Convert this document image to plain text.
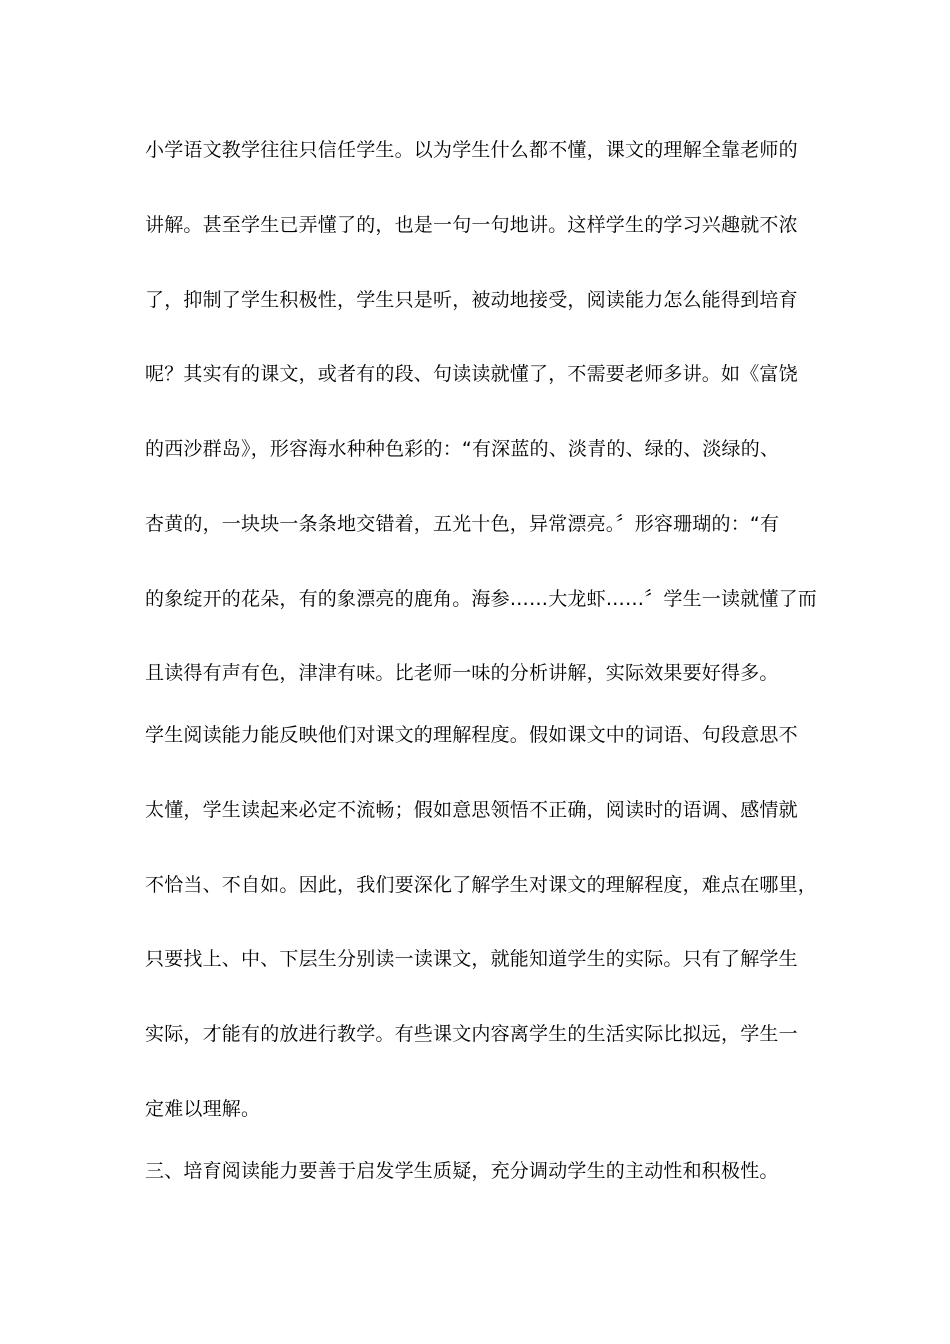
小学语文教学往往只信任学生。以为学生什么都不懂，课文的理解全靠老师的
讲解。甚至学生已弄懂了的，也是一句一句地讲。这样学生的学习兴趣就不浓
了，抑制了学生积极性，学生只是听，被动地接受，阅读能力怎么能得到培育
呢？其实有的课文，或者有的段、句读读就懂了，不需要老师多讲。如《富饶
的西沙群岛》，形容海水种种色彩的：“有深蓝的、淡青的、绿的、淡绿的、
杏黄的，一块块一条条地交错着，五光十色，异常漂亮。〞形容珊瑚的：“有
的象绽开的花朵，有的象漂亮的鹿角。海参……大龙虾……〞学生一读就懂了而
且读得有声有色，津津有味。比老师一味的分析讲解，实际效果要好得多。
学生阅读能力能反映他们对课文的理解程度。假如课文中的词语、句段意思不
太懂，学生读起来必定不流畅；假如意思领悟不正确，阅读时的语调、感情就
不恰当、不自如。因此，我们要深化了解学生对课文的理解程度，难点在哪里，
只要找上、中、下层生分别读一读课文，就能知道学生的实际。只有了解学生
实际，才能有的放进行教学。有些课文内容离学生的生活实际比拟远，学生一
定难以理解。
三、培育阅读能力要善于启发学生质疑，充分调动学生的主动性和积极性。
